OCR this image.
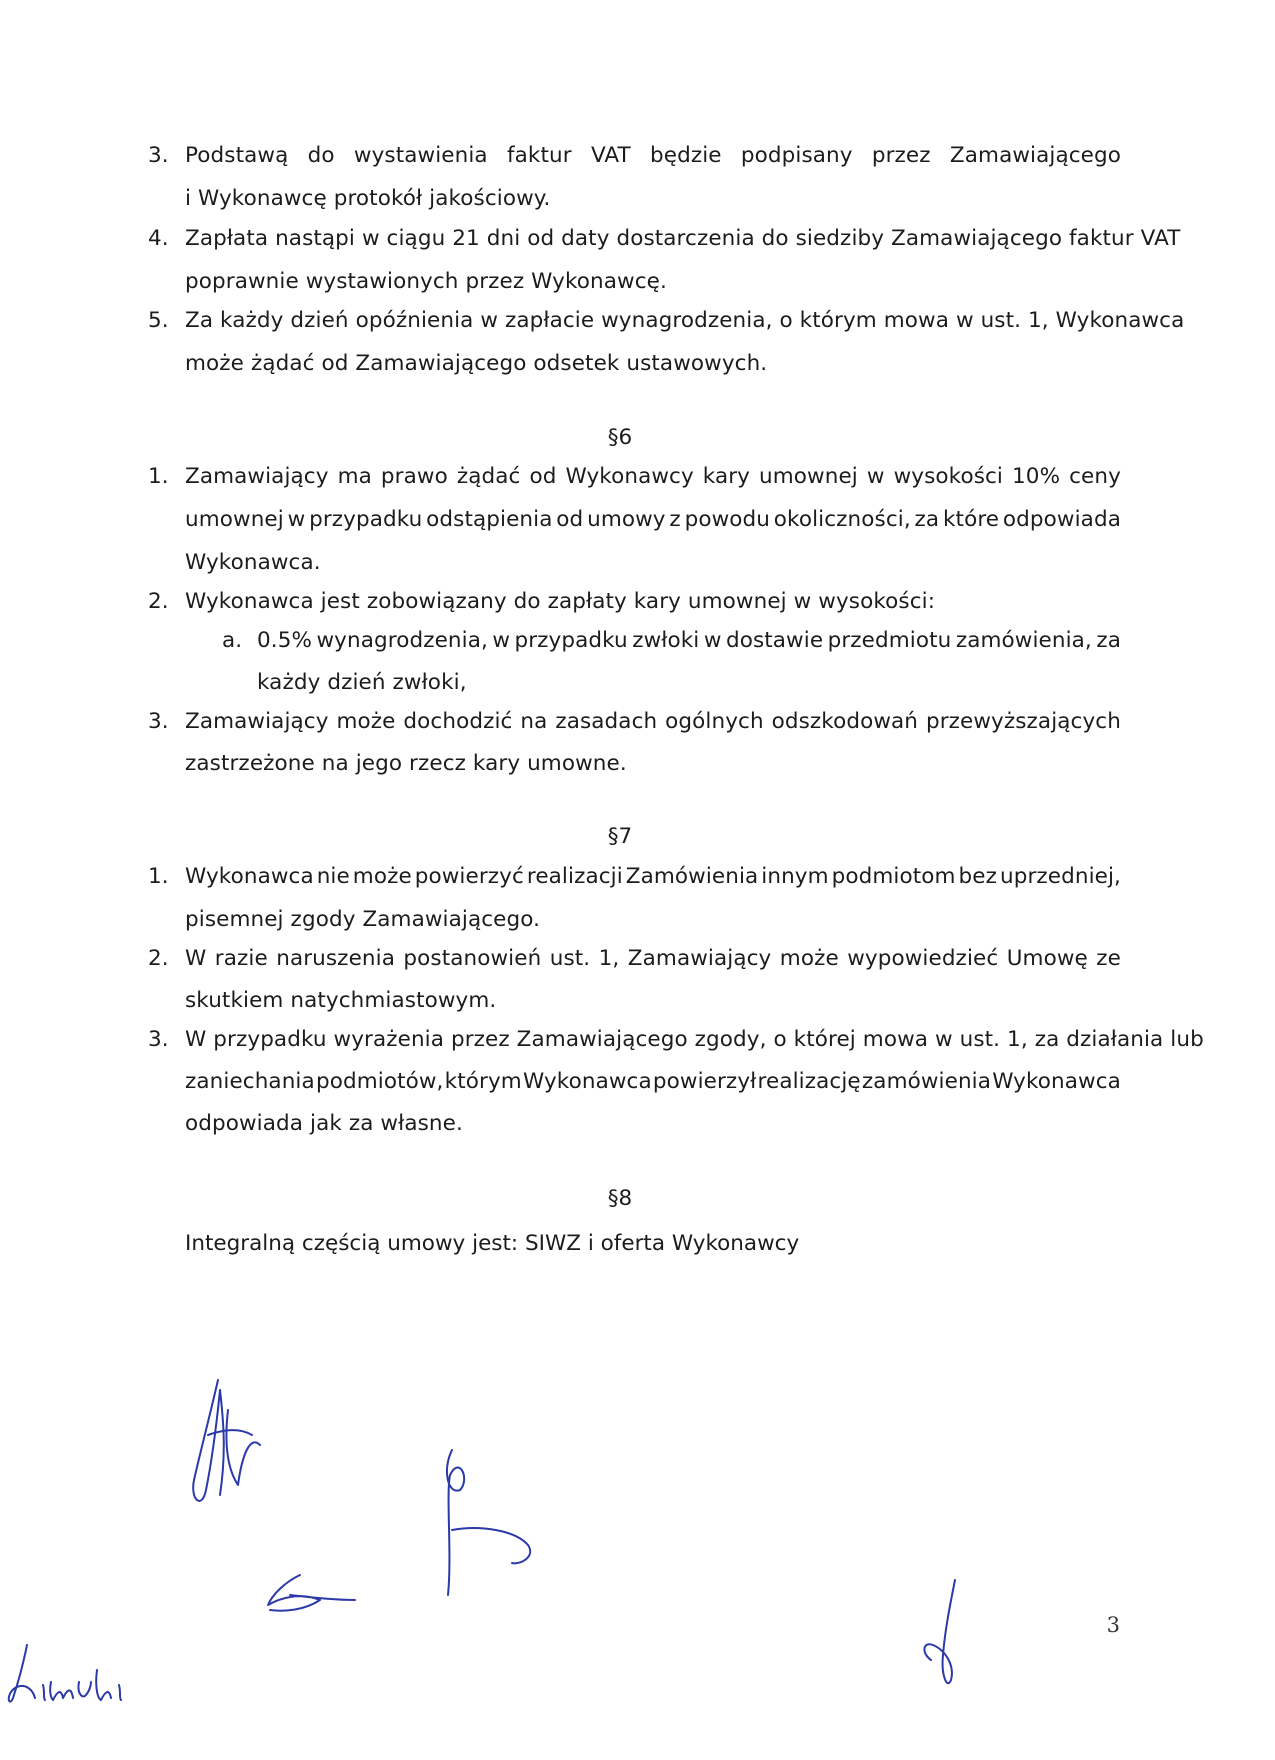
3. Podstawą do wystawienia faktur VAT będzie podpisany przez Zamawiającego
i Wykonawcę protokół jakościowy.
4. Zapłata nastąpi w ciągu 21 dni od daty dostarczenia do siedziby Zamawiającego faktur VAT
poprawnie wystawionych przez Wykonawcę.
5. Za każdy dzień opóźnienia w zapłacie wynagrodzenia, o którym mowa w ust. 1, Wykonawca
może żądać od Zamawiającego odsetek ustawowych.
§6
1. Zamawiający ma prawo żądać od Wykonawcy kary umownej w wysokości 10% ceny
umownej w przypadku odstąpienia od umowy z powodu okoliczności, za które odpowiada
Wykonawca.
2. Wykonawca jest zobowiązany do zapłaty kary umownej w wysokości:
a. 0.5% wynagrodzenia, w przypadku zwłoki w dostawie przedmiotu zamówienia, za
każdy dzień zwłoki,
3. Zamawiający może dochodzić na zasadach ogólnych odszkodowań przewyższających
zastrzeżone na jego rzecz kary umowne.
§7
1. Wykonawca nie może powierzyć realizacji Zamówienia innym podmiotom bez uprzedniej,
pisemnej zgody Zamawiającego.
2. W razie naruszenia postanowień ust. 1, Zamawiający może wypowiedzieć Umowę ze
skutkiem natychmiastowym.
3. W przypadku wyrażenia przez Zamawiającego zgody, o której mowa w ust. 1, za działania lub
zaniechania podmiotów, którym Wykonawca powierzył realizację zamówienia Wykonawca
odpowiada jak za własne.
§8
Integralną częścią umowy jest: SIWZ i oferta Wykonawcy
3
